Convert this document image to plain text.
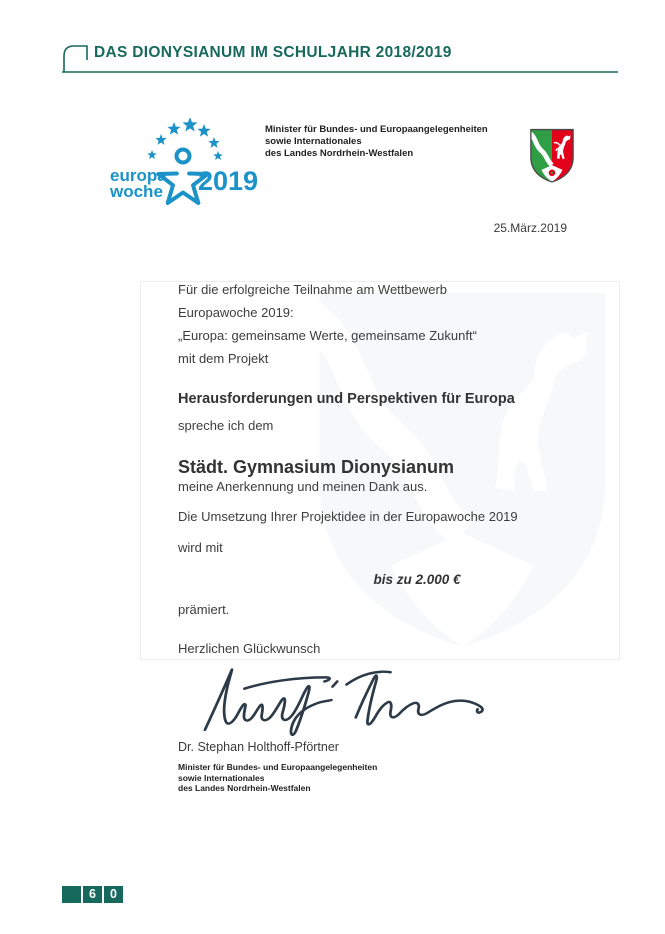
DAS DIONYSIANUM IM SCHULJAHR 2018/2019
europa
woche 2019
Minister für Bundes- und Europaangelegenheiten
sowie Internationales
des Landes Nordrhein-Westfalen
25.März.2019
Für die erfolgreiche Teilnahme am Wettbewerb
Europawoche 2019:
„Europa: gemeinsame Werte, gemeinsame Zukunft“
mit dem Projekt
Herausforderungen und Perspektiven für Europa
spreche ich dem
Städt. Gymnasium Dionysianum
meine Anerkennung und meinen Dank aus.
Die Umsetzung Ihrer Projektidee in der Europawoche 2019
wird mit
bis zu 2.000 €
prämiert.
Herzlichen Glückwunsch
Dr. Stephan Holthoff-Pförtner
Minister für Bundes- und Europaangelegenheiten
sowie Internationales
des Landes Nordrhein-Westfalen
6	0
